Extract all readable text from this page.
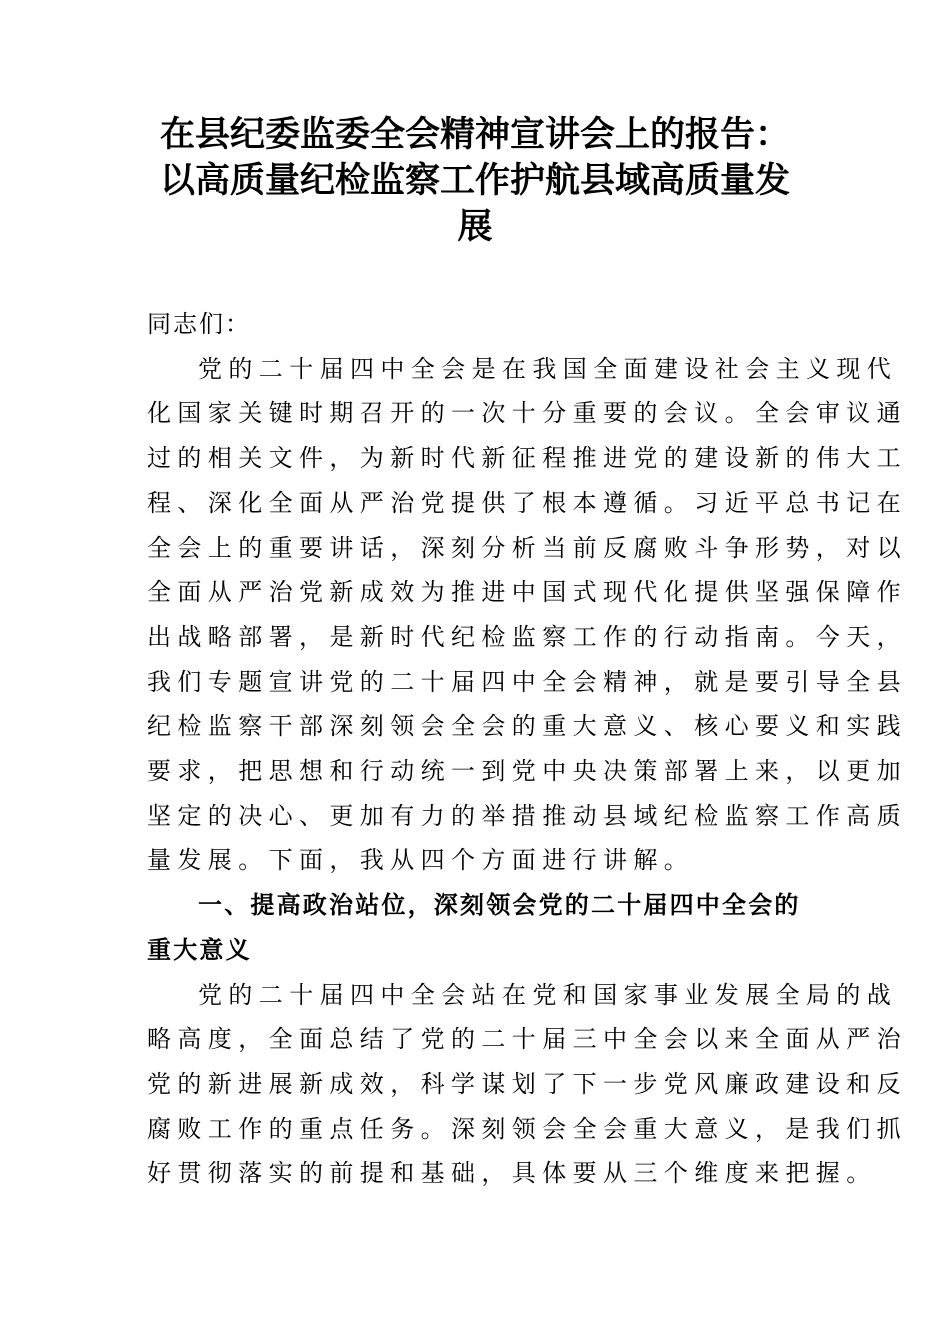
在县纪委监委全会精神宣讲会上的报告：
以高质量纪检监察工作护航县域高质量发
展
同志们：
党的二十届四中全会是在我国全面建设社会主义现代
化国家关键时期召开的一次十分重要的会议。全会审议通
过的相关文件，为新时代新征程推进党的建设新的伟大工
程、深化全面从严治党提供了根本遵循。习近平总书记在
全会上的重要讲话，深刻分析当前反腐败斗争形势，对以
全面从严治党新成效为推进中国式现代化提供坚强保障作
出战略部署，是新时代纪检监察工作的行动指南。今天，
我们专题宣讲党的二十届四中全会精神，就是要引导全县
纪检监察干部深刻领会全会的重大意义、核心要义和实践
要求，把思想和行动统一到党中央决策部署上来，以更加
坚定的决心、更加有力的举措推动县域纪检监察工作高质
量发展。下面，我从四个方面进行讲解。
一、提高政治站位，深刻领会党的二十届四中全会的
重大意义
党的二十届四中全会站在党和国家事业发展全局的战
略高度，全面总结了党的二十届三中全会以来全面从严治
党的新进展新成效，科学谋划了下一步党风廉政建设和反
腐败工作的重点任务。深刻领会全会重大意义，是我们抓
好贯彻落实的前提和基础，具体要从三个维度来把握。
